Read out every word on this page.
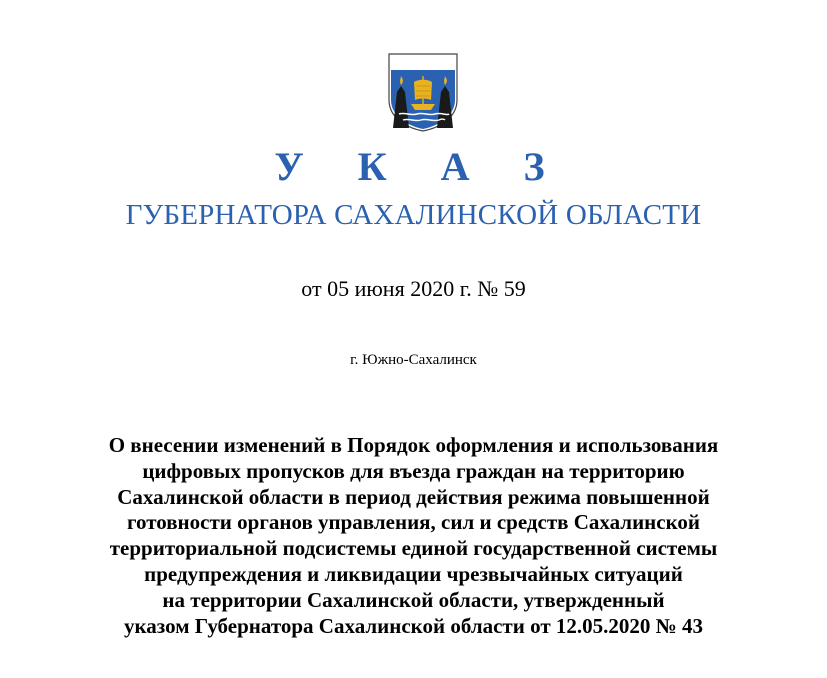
У К А З
ГУБЕРНАТОРА САХАЛИНСКОЙ ОБЛАСТИ
от 05 июня 2020 г. № 59
г. Южно-Сахалинск
О внесении изменений в Порядок оформления и использования
цифровых пропусков для въезда граждан на территорию
Сахалинской области в период действия режима повышенной
готовности органов управления, сил и средств Сахалинской
территориальной подсистемы единой государственной системы
предупреждения и ликвидации чрезвычайных ситуаций
на территории Сахалинской области, утвержденный
указом Губернатора Сахалинской области от 12.05.2020 № 43
